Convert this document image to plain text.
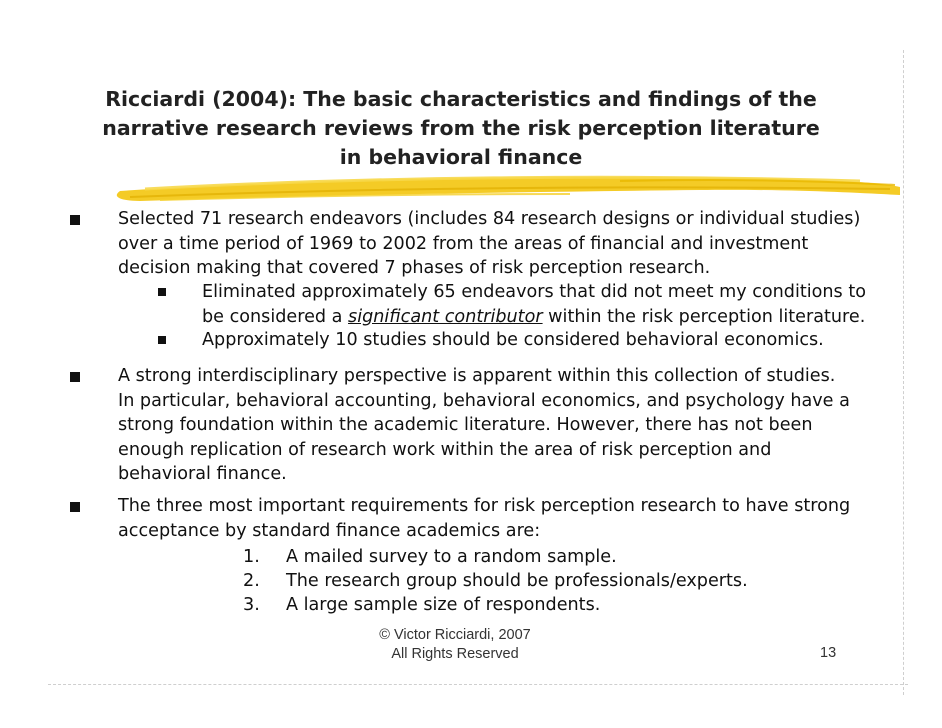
Ricciardi (2004): The basic characteristics and findings of the
narrative research reviews from the risk perception literature
in behavioral finance
Selected 71 research endeavors (includes 84 research designs or individual studies)
over a time period of 1969 to 2002 from the areas of financial and investment
decision making that covered 7 phases of risk perception research.
Eliminated approximately 65 endeavors that did not meet my conditions to
be considered a significant contributor within the risk perception literature.
Approximately 10 studies should be considered behavioral economics.
A strong interdisciplinary perspective is apparent within this collection of studies.
In particular, behavioral accounting, behavioral economics, and psychology have a
strong foundation within the academic literature. However, there has not been
enough replication of research work within the area of risk perception and
behavioral finance.
The three most important requirements for risk perception research to have strong
acceptance by standard finance academics are:
1.	A mailed survey to a random sample.
2.	The research group should be professionals/experts.
3.	A large sample size of respondents.
© Victor Ricciardi, 2007
All Rights Reserved	13
